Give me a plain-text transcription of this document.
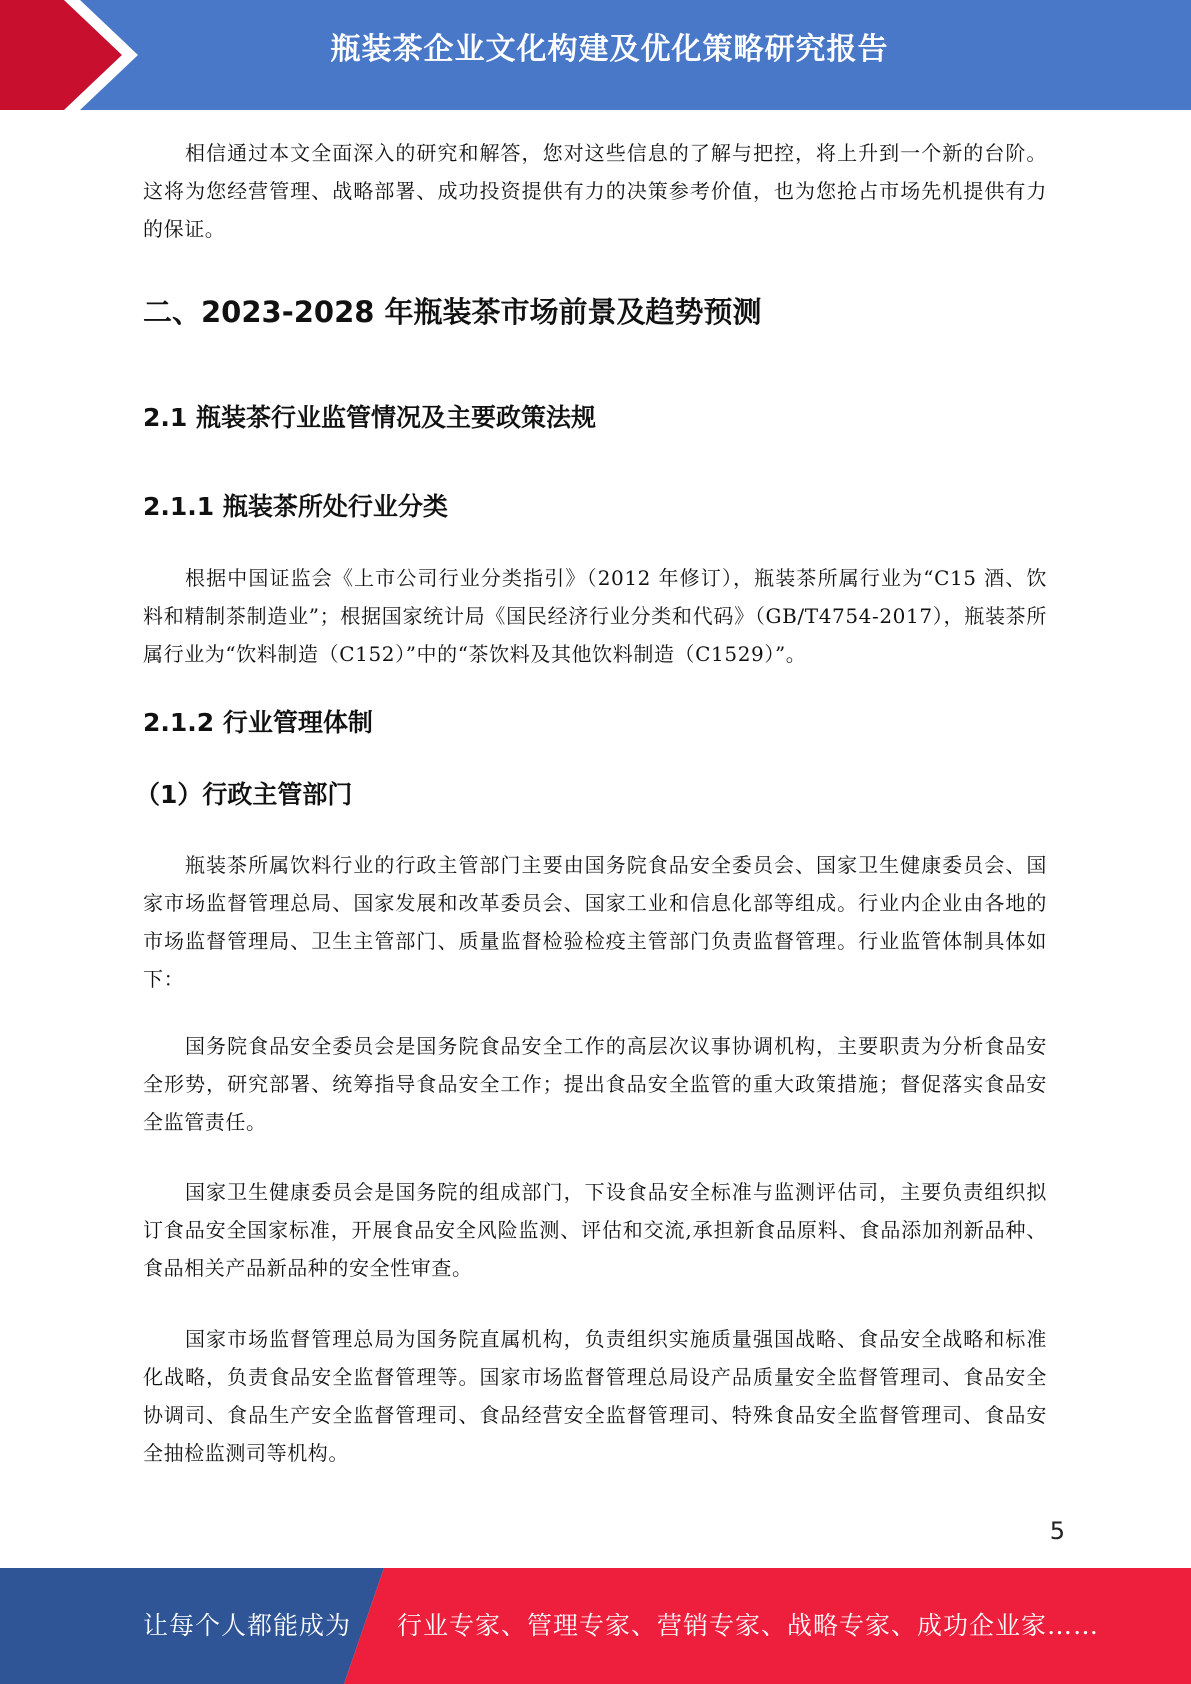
瓶装茶企业文化构建及优化策略研究报告

相信通过本文全面深入的研究和解答，您对这些信息的了解与把控，将上升到一个新的台阶。这将为您经营管理、战略部署、成功投资提供有力的决策参考价值，也为您抢占市场先机提供有力的保证。

二、2023-2028 年瓶装茶市场前景及趋势预测
2.1 瓶装茶行业监管情况及主要政策法规
2.1.1 瓶装茶所处行业分类

根据中国证监会《上市公司行业分类指引》（2012 年修订），瓶装茶所属行业为“C15 酒、饮料和精制茶制造业”；根据国家统计局《国民经济行业分类和代码》（GB/T4754-2017），瓶装茶所属行业为“饮料制造（C152）”中的“茶饮料及其他饮料制造（C1529）”。

2.1.2 行业管理体制
（1）行政主管部门

瓶装茶所属饮料行业的行政主管部门主要由国务院食品安全委员会、国家卫生健康委员会、国家市场监督管理总局、国家发展和改革委员会、国家工业和信息化部等组成。行业内企业由各地的市场监督管理局、卫生主管部门、质量监督检验检疫主管部门负责监督管理。行业监管体制具体如下：

国务院食品安全委员会是国务院食品安全工作的高层次议事协调机构，主要职责为分析食品安全形势，研究部署、统筹指导食品安全工作；提出食品安全监管的重大政策措施；督促落实食品安全监管责任。

国家卫生健康委员会是国务院的组成部门，下设食品安全标准与监测评估司，主要负责组织拟订食品安全国家标准，开展食品安全风险监测、评估和交流,承担新食品原料、食品添加剂新品种、食品相关产品新品种的安全性审查。

国家市场监督管理总局为国务院直属机构，负责组织实施质量强国战略、食品安全战略和标准化战略，负责食品安全监督管理等。国家市场监督管理总局设产品质量安全监督管理司、食品安全协调司、食品生产安全监督管理司、食品经营安全监督管理司、特殊食品安全监督管理司、食品安全抽检监测司等机构。

5
让每个人都能成为 行业专家、管理专家、营销专家、战略专家、成功企业家……
